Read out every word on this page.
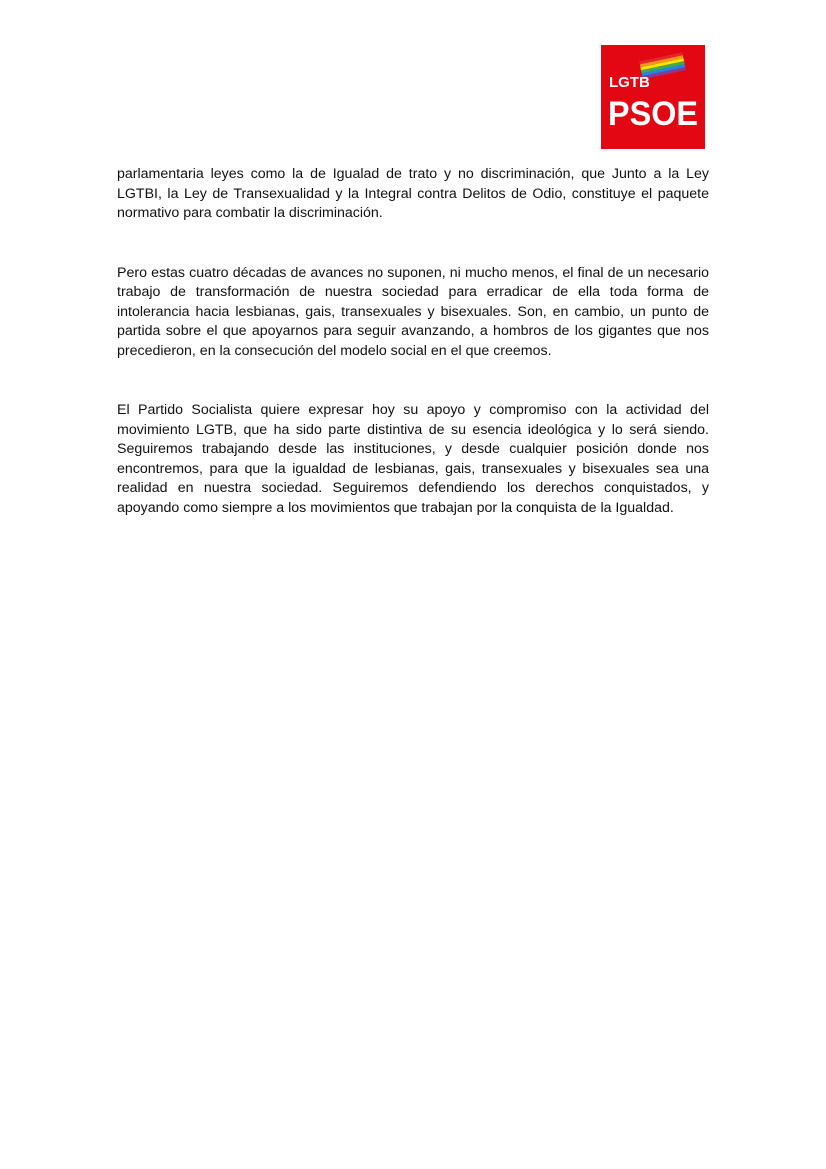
LGTB
PSOE

parlamentaria leyes como la de Igualad de trato y no discriminación, que Junto a la Ley LGTBI, la Ley de Transexualidad y la Integral contra Delitos de Odio, constituye el paquete normativo para combatir la discriminación.

Pero estas cuatro décadas de avances no suponen, ni mucho menos, el final de un necesario trabajo de transformación de nuestra sociedad para erradicar de ella toda forma de intolerancia hacia lesbianas, gais, transexuales y bisexuales. Son, en cambio, un punto de partida sobre el que apoyarnos para seguir avanzando, a hombros de los gigantes que nos precedieron, en la consecución del modelo social en el que creemos.

El Partido Socialista quiere expresar hoy su apoyo y compromiso con la actividad del movimiento LGTB, que ha sido parte distintiva de su esencia ideológica y lo será siendo. Seguiremos trabajando desde las instituciones, y desde cualquier posición donde nos encontremos, para que la igualdad de lesbianas, gais, transexuales y bisexuales sea una realidad en nuestra sociedad. Seguiremos defendiendo los derechos conquistados, y apoyando como siempre a los movimientos que trabajan por la conquista de la Igualdad.
